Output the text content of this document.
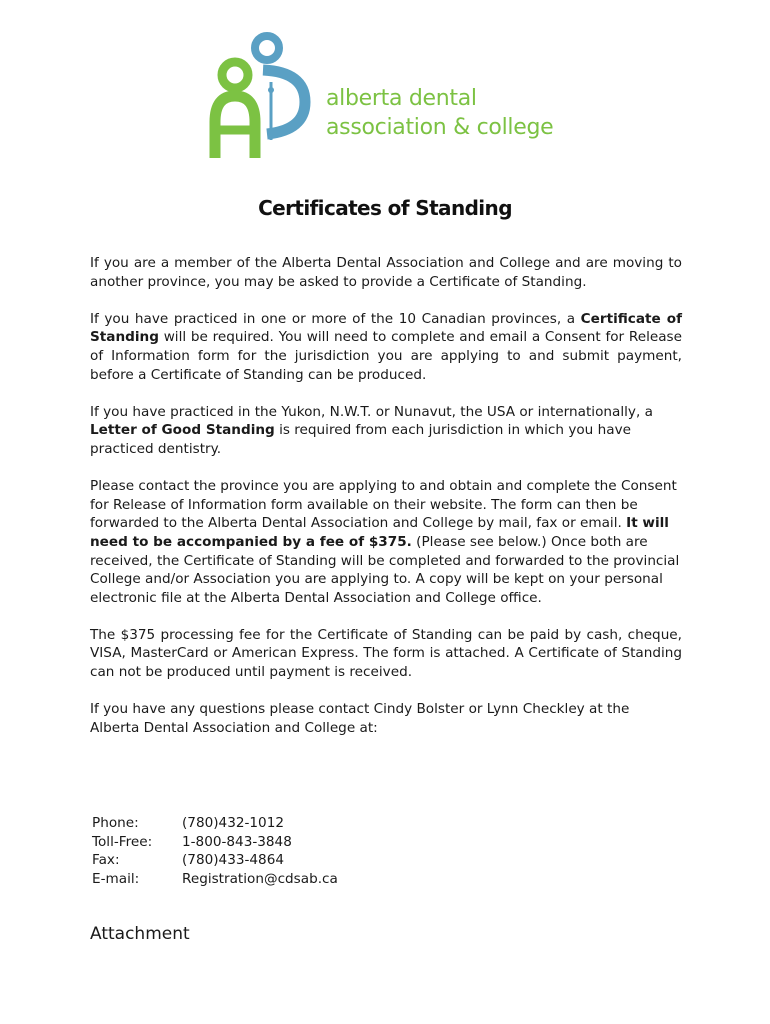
alberta dental
association & college
Certificates of Standing

If you are a member of the Alberta Dental Association and College and are moving to another province, you may be asked to provide a Certificate of Standing.

If you have practiced in one or more of the 10 Canadian provinces, a Certificate of Standing will be required. You will need to complete and email a Consent for Release of Information form for the jurisdiction you are applying to and submit payment, before a Certificate of Standing can be produced.

If you have practiced in the Yukon, N.W.T. or Nunavut, the USA or internationally, a Letter of Good Standing is required from each jurisdiction in which you have practiced dentistry.

Please contact the province you are applying to and obtain and complete the Consent for Release of Information form available on their website. The form can then be forwarded to the Alberta Dental Association and College by mail, fax or email. It will need to be accompanied by a fee of $375. (Please see below.) Once both are received, the Certificate of Standing will be completed and forwarded to the provincial College and/or Association you are applying to. A copy will be kept on your personal electronic file at the Alberta Dental Association and College office.

The $375 processing fee for the Certificate of Standing can be paid by cash, cheque, VISA, MasterCard or American Express. The form is attached. A Certificate of Standing can not be produced until payment is received.

If you have any questions please contact Cindy Bolster or Lynn Checkley at the Alberta Dental Association and College at:

Phone:	(780)432-1012
Toll-Free:	1-800-843-3848
Fax:	(780)433-4864
E-mail:	Registration@cdsab.ca
Attachment
